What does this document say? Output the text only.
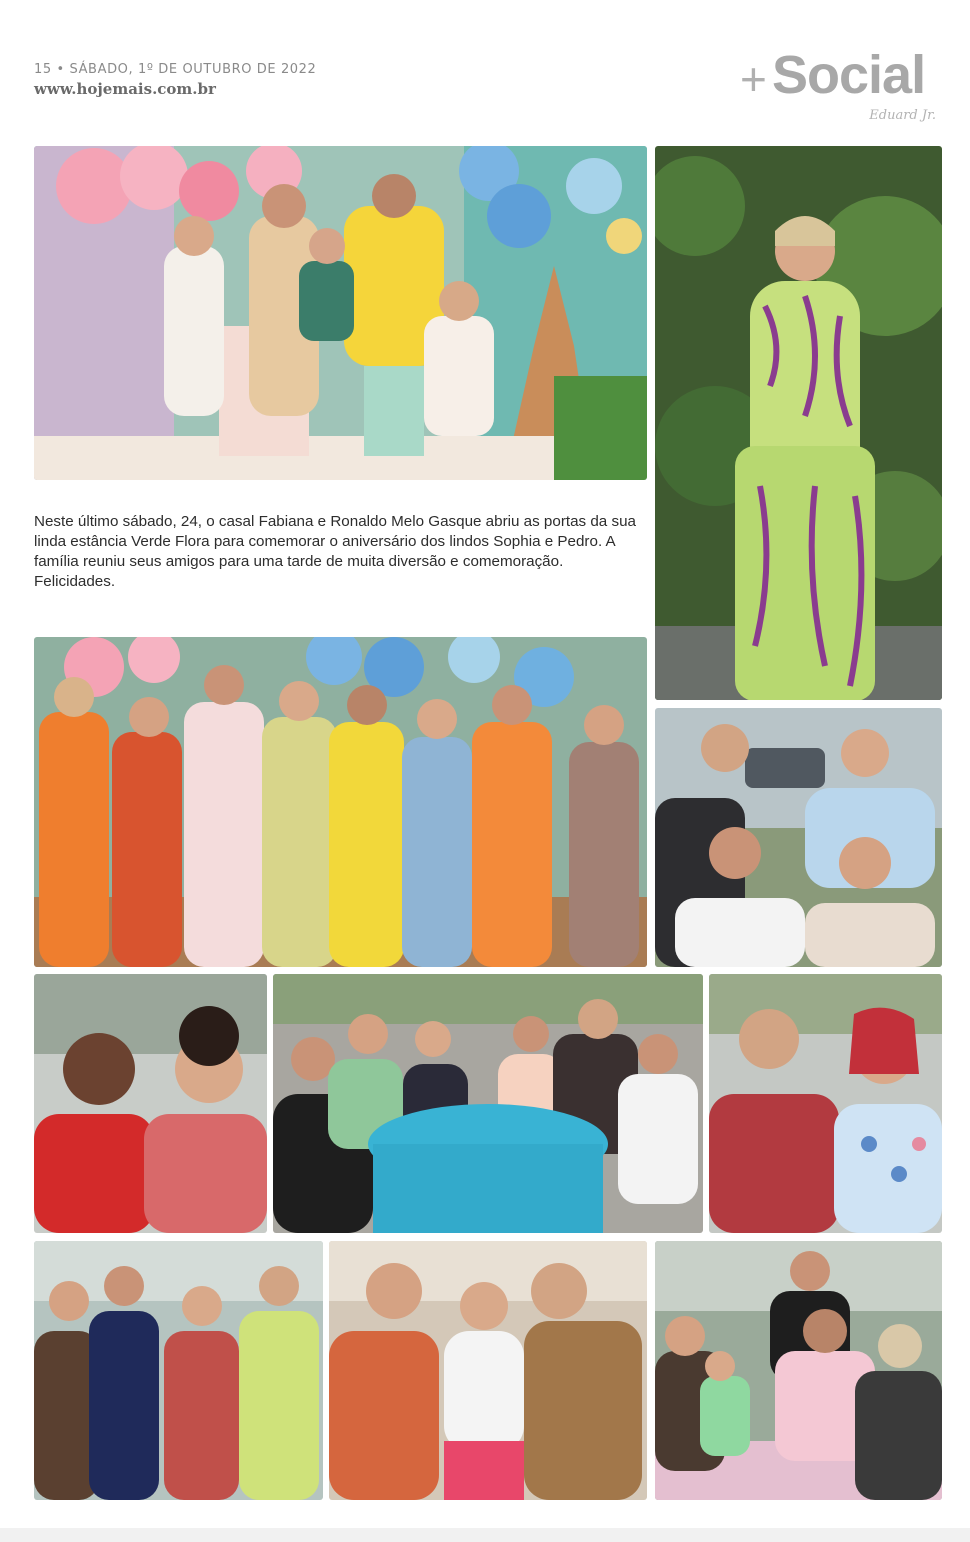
15 • SÁBADO, 1º DE OUTUBRO DE 2022
www.hojemais.com.br	+ Social
Eduard Jr.
Neste último sábado, 24, o casal Fabiana e Ronaldo Melo Gasque abriu as portas da sua linda estância Verde Flora para comemorar o aniversário dos lindos Sophia e Pedro. A família reuniu seus amigos para uma tarde de muita diversão e comemoração. Felicidades.
